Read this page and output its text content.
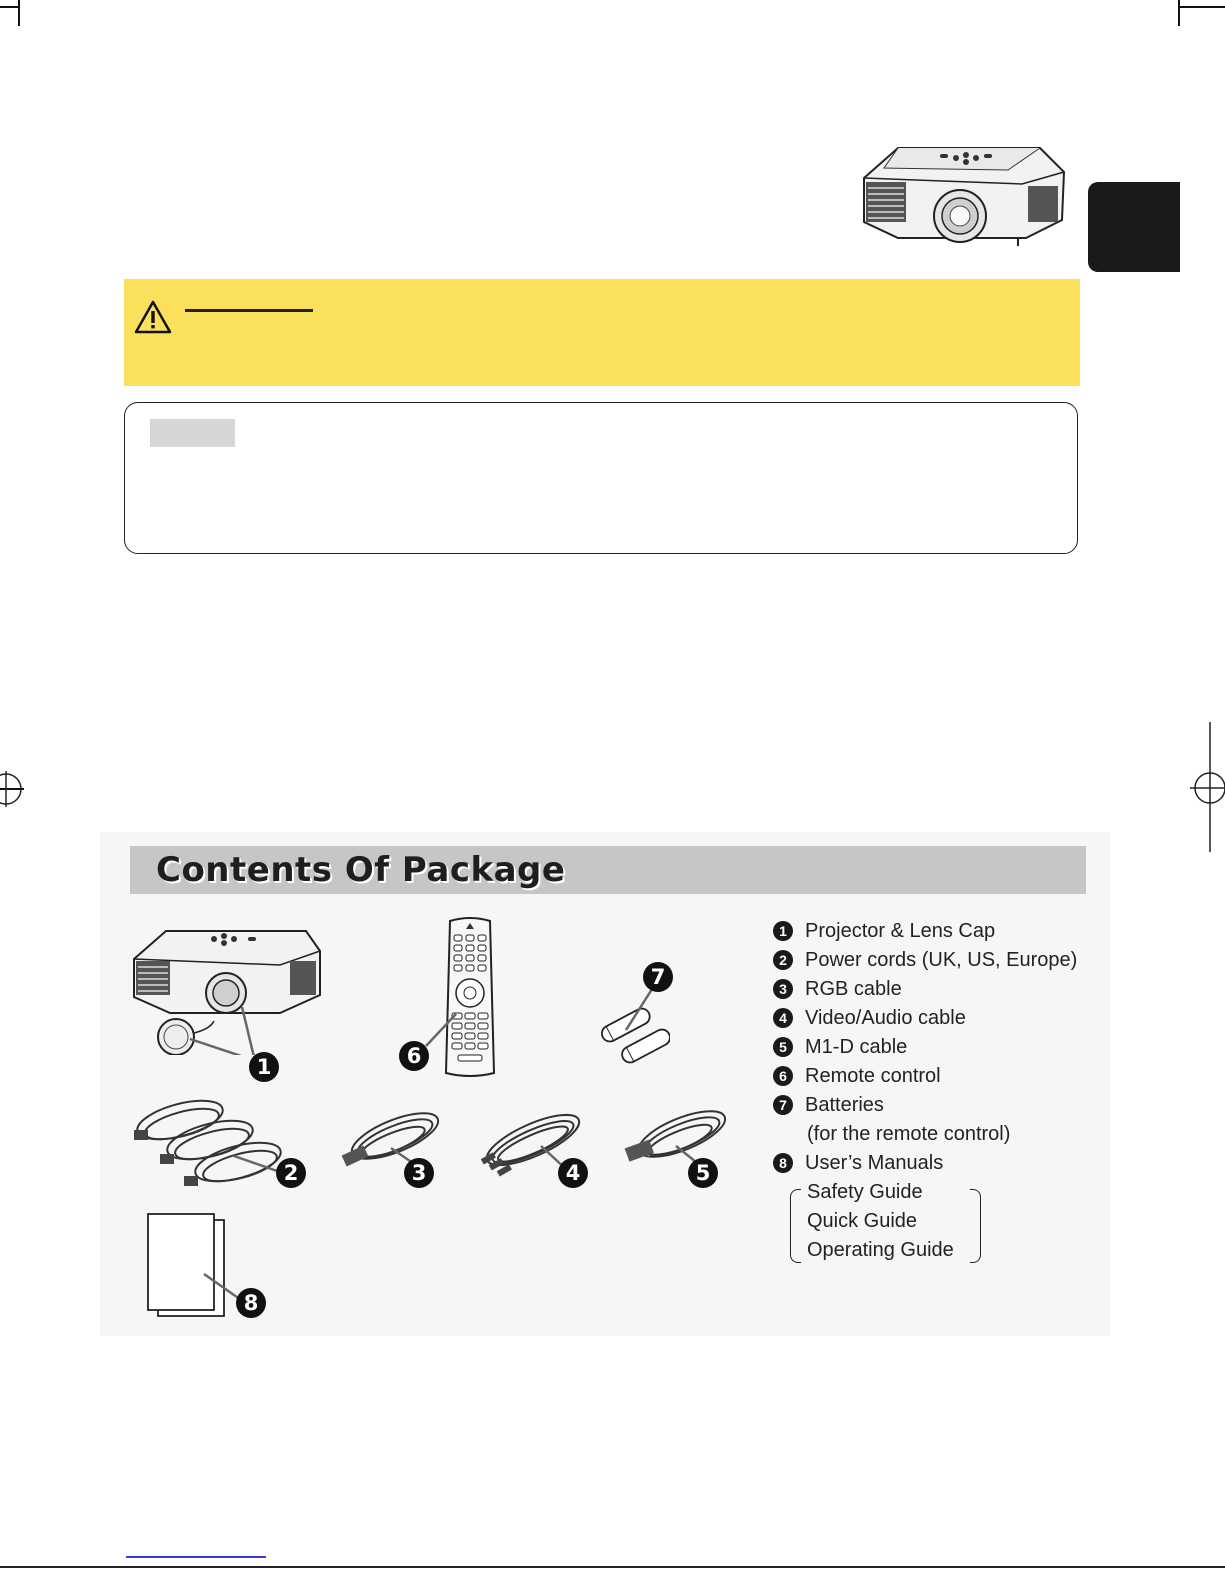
Contents Of Package
1	6
7
2	3	4	5
8
1 Projector & Lens Cap
2 Power cords (UK, US, Europe)
3 RGB cable
4 Video/Audio cable
5 M1-D cable
6 Remote control
7 Batteries
(for the remote control)
8 User’s Manuals
Safety Guide
Quick Guide
Operating Guide
